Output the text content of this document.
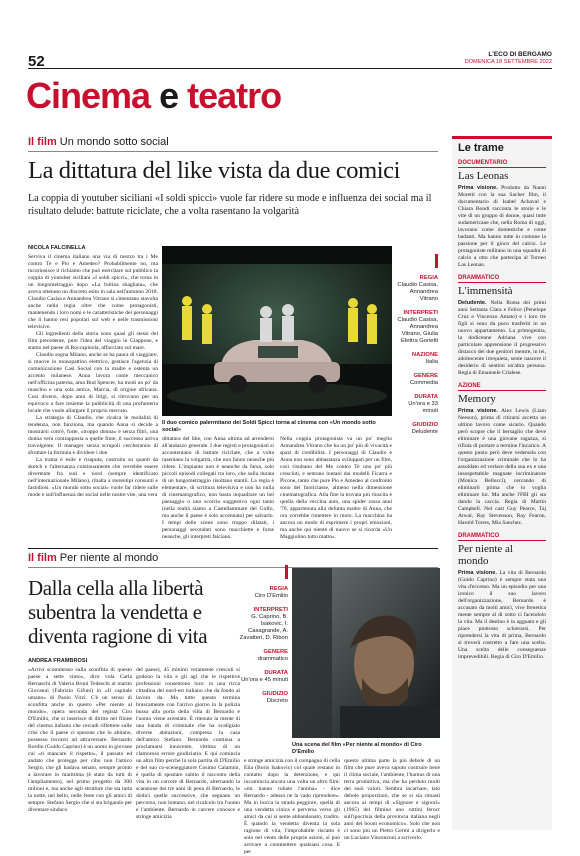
52	L'ECO DI BERGAMO
DOMENICA 18 SETTEMBRE 2022
Cinema e teatro
Il film Un mondo sotto social
La dittatura del like vista da due comici
La coppia di youtuber siciliani «I soldi spicci» vuole far ridere su mode e influenza dei social ma il risultato delude: battute riciclate, che a volta rasentano la volgarità
NICOLA FALCINELLA

Servivа il cinema italiano una via di mezzo tra i Me contro Te e Pio e Amedeo? Probabilmente no, ma incuriosisce il richiamo che può esercitare sul pubblico la coppia di youtuber siciliani «I soldi spicci», che torna in un lungometraggio dopo «La fuitina sbagliata», che aveva ottenuto un discreto esito in sala nell'autunno 2018. Claudio Casisa e Annandrea Vitrano si cimentano stavolta anche nella regia oltre che come protagonisti, mantenendo i loro nomi e le caratteristiche dei personaggi che li hanno resi popolari sul web e nelle trasmissioni televisive.

Gli ingredienti della storia sono quasi gli stessi del film precedente, pure l'idea del viaggio in Giappone, e stamo nel paese di Roccapinola, affacciato sul mare.

Claudio sogna Milano, anche se ha paura di viaggiare, si muove in monopattino elettrico, gestisce l'agenzia di comunicazione Casi Social con la madre e ostenta un accento milanese. Anna lavora come meccanico nell'officina paterna, ama Bud Spencer, ha modi un po' da maschio e una sola amica, Marcia, di origine africana. Così diversi, dopo anni di litigi, si ritrovano per un equivoco a fare insieme la pubblicità di una profumeria locale che vuole allargare il proprio mercato.

La strategia di Claudio, che ricalca le modalità di tendenza, non funziona, ma quando Anna si decide a mostrarsi com'è, forte, «troppo donna» e senza filtri, una donna vera contrapposta a quelle finte, il successo arriva travolgente. Il manager senza scrupoli cercheranno di sfruttare la formula e dividere i due.

La trama è esile e risaputa, costruita su quanti da sketch e l'alternanza continuamente che verrebbe essere divertente fra sud e nord (sempre identificato nell'internazionale Milano), ribalta a stereotipi consunti e fastidiosi. «Un mondo sotto social» vuole far ridere sulle mode e sull'influenza dei social nelle nostre vite, una vera

Il duo comico palermitano dei Soldi Spicci torna al cinema con «Un mondo sotto social»
REGIA
Claudio Casisa, Annandrea Vitrano
INTERPRETI
Claudio Casisa, Annandrea Vitrano, Giulia Elettra Gorietti
NAZIONE
Italia
GENERE
Commedia
DURATA
Un'ora e 33 minuti
GIUDIZIO
Deludente

dittatura del like, con Anna ultima ad arrendersi all'andazzo generale. I due registi e protagonisti si accontentano di battute riciclate, che a volta rasentano la volgarità, che non fanno neanche più ridere. L'impianto non è neanche da farsa, solo piccoli episodi collegati tra loro, che sulla durata di un lungometraggio risultano stantii. La regia è elementare, di scrittura televisiva e non ha nulla di cinematografico, non basta inquadrare un bel paesaggio o uno scorcio suggestivo ogni tanto (nella realtà siamo a Castellammare del Golfo, ma anche il paese è solo accennato) per salvarlo. I tempi delle scene sono troppo dilatati, i personaggi secondari sono macchiette e forse neanche, gli interpreti falciano.

Nella coppia protagonista va un po' meglio Annandrea Vitrano che ha un po' più di vivacità e spazi di credibilità. I personaggi di Claudio e Anna non sono abbastanza sviluppati per un film, così risultano del Me contro Te uno po' più cresciuti, e sentono lontani dai modelli Ficarra e Picone, tanto che pure Pio e Amedeo al confronto sono dei fuoriclasse, almeno nella dimensione cinematografica. Alla fine la trovata più riuscita è quella della vecchia auto, una spider rossa anni '70, appartenuta alla defunta madre di Anna, che ora vorrebbe rimettere in moto. La macchina ha ancora un modo di esprimere i propri emozioni, ma anche qui niente di nuovo se si ricorda «Un Maggiolino tutto matto».

Il film Per niente al mondo
Dalla cella alla libertà subentra la vendetta e diventa ragione di vita
ANDREA FRAMBROSI

«Arrivi scommesso sulla sconfitta di questo paese a sette vinto», dice vola Carla Bernaschi di Valeria Bruni Tedeschi al marito Giovanni (Fabrizio Gifuni) in «Il capitale umano» di Paolo Virzì. C'è un senso di sconfitta anche in questo «Per niente al mondo», opera seconda del regista Ciro D'Emilio, che si inserisce di diritto nel filone del cinema italiano che cercadi riflettere sulle crisi che il paese ci spesone che lo abitano, possesso trovarsi ad attraversare. Bernardo Bordin (Guido Caprino) è un uomo in giovane cui «ti mancare il rispetto», il passato ed andato che protegge per cibo non l'amico Sergio, che gli badava senato, sempre pronto a lavorare in marittima (è stato da tutti di l'ampliamento), nel primo progetto da 300 milioni e, ma anche agli strutture che sta tutta la notte, nel bello, nelle feste con gli amici di sempre. Stefano Sergio che si sta brigando per diventare sindaco

del paese), 45 minimi veramente crescuti si godono la vita e gli agi che le rispettive professioni consentono loro: in una ricca cittadina del nord-est italiano che da fondo al lavoro da. Ma tutto questo termina bruscamente con l'arrivo giorno in la polizia bussa alla porta della villa di Bernardo e l'uomo viene arrestato. È ritenuto la mente di una banda di criminale che ha svaligiato diverse abitazioni, compresa la casa dell'amico Stefano. Bernardo continua a proclamarsi innocente, vittima di un clamoroso errore giudiziario. E qui comincia un altro film perché la sola partita di D'Emilio e del suo co-sceneggiatore Cosimo Calamini, è quella di spostare subito il racconto della vita in un carcere di Bernardo, alternando la scansione dei tre anni di pena di Bernardo, le dodici quelle successive, che segnano un percorso, non lontano, nel ricalcolo tra l'uomo e l'ambiente. Bernardo in carcere conosce e stringe amicizia

REGIA
Ciro D'Emilio
INTERPRETI
G. Caprino, B. Isakovic, I. Casagrande, A. Zavatteri, D. Ribon
GENERE
drammatico
DURATA
Un'ora e 45 minuti
GIUDIZIO
Discreto
Una scena del film «Per niente al mondo» di Ciro D'Emilio

e stringe amicizia con il compagno di cella Elia (Boris Isakovic) col quale restano in contatto dopo la detenzione, e qui incomincia ancora una volta un altro film: «mi hanno rubato l'anima» - dice Bernardo - adesso ne la vado riprendere». Ma in bocca la strada peggiore, quella di una vendetta cinica e perversa verso gli amici da cui si sente abbandonato, tradito. È quando la vendetta diventa la sola ragione di vita, l'improbabile riscatto è solo nel vento delle proprie azioni, si può arrivare a commettere qualsiasi cosa. E per

questo ultima parte la più debole di un film che pure aveva saputo costruire bene il clima sociale, l'ambiente, l'humus di una terra produttiva, ma che ha perduto molti dei suoi valori. Sembra incarnare, lato debole proporzioni, che se si sia rimasti ancora ai tempi di «Signore e signori» (1965) del filmino uno ruttini ferocr sull'ipocrisia della provincia italiana negli anni del boom economico». Solo che non ci sono più un Pietro Germi a dirigerlo e un Luciano Vincenzoni a scriverlo.

Le trame
DOCUMENTARIO
Las Leonas
Prima visione. Prodotto da Nanni Moretti con la sua Sacher film, il documentario di Isabel Achaval e Chiara Bondi racconta le storie e le vite di un gruppo di donne, quasi tutte sudamericane che, nella Roma di oggi, lavorano come domestiche e come badanti. Ma hanno tutte in comune la passione per il gioco del calcio. Le protagoniste militano in una squadra di calcio a otto che partecipa al Torneo Las Leonas.
DRAMMATICO
L'immensità
Deludente. Nella Roma dei primi anni Settanta Clara e Felice (Penelope Cruz e Vincenzo Amato) e i loro tre figli si sono da poco trasferiti in un nuovo appartamento. La primogenita, la dodicenne Adriana vive con particolare apprensione il progressivo distacco dei due genitori mentre, in lei, adolescente irrequieta, sente nascere il desiderio di sentirsi un'altra persona. Regia di Emanuele Crialese.
AZIONE
Memory
Prima visione. Alex Lewis (Liam Neeson), prima di ritirarsi accetta un ultimo lavoro come sicario. Quando però scopre che il bersaglio che deve eliminare è una giovane ragazza, si rifiuta di portare a termine l'incarico. A questo punto però deve vedersela con l'organizzazione criminale che lo ha assoldato ed verlace della sua ex e una insospettabile magnate incriminatore (Monica Bellucci), cercando di eliminarli prima che lo voglia eliminare lui. Ma anche l'FBI gli sta dando la caccia. Regia di Martin Campbell. Nel cast Guy Pearce, Taj Atwal, Ray Stevenson, Ray Fearon, Harold Torres, Mia Sanchez.
DRAMMATICO
Per niente al mondo
Prima visione. La vita di Bernardo (Guido Caprino) è sempre stata una vita d'eccesso. Ma un episodio per una ironico il suo lavoro dell'organizzazione, Bernardo è accusato da molti amici, vive frenetica mente sempre al di sotto ci facendolo la vita. Ma il destino è in agguato e gli piace piuttosto schierarsi. Per riprendersi la vita di prima, Bernardo si troverà costretto a fare una scelta. Una scelta delle conseguenze imprevedibili. Regia di Ciro D'Emilio.
